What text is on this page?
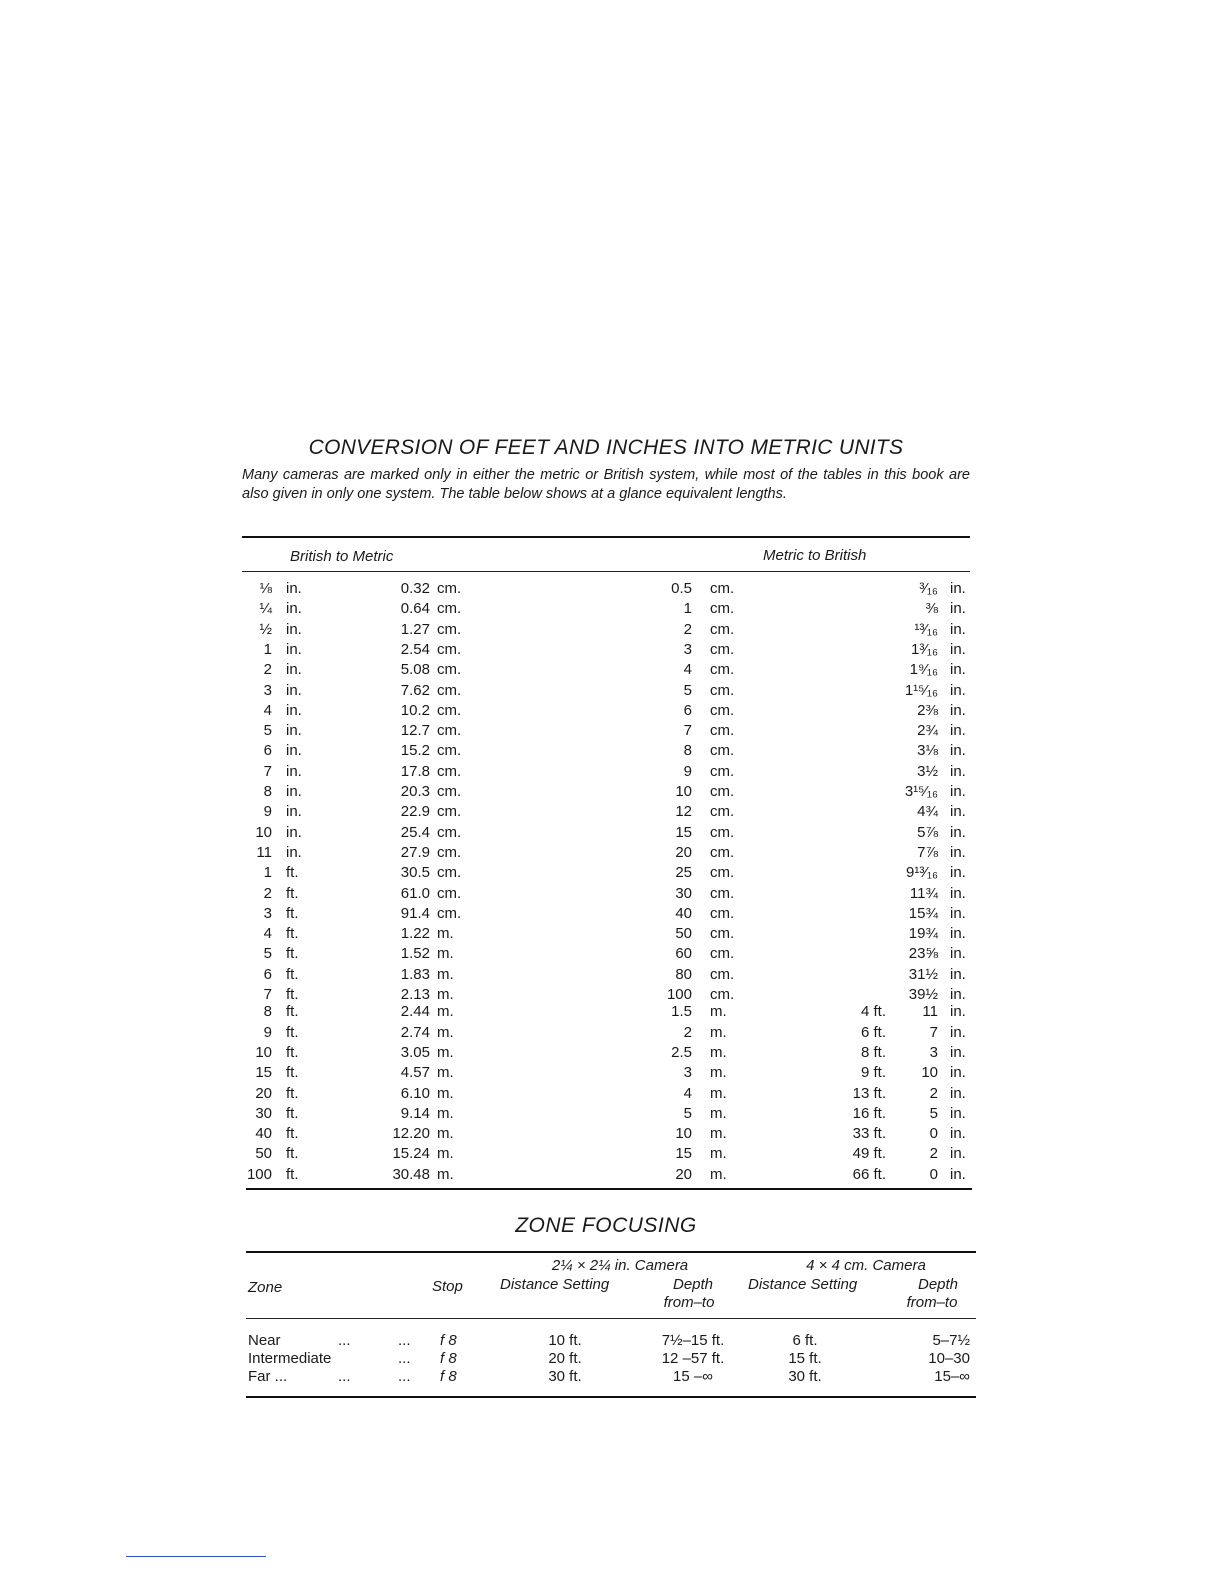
CONVERSION OF FEET AND INCHES INTO METRIC UNITS
Many cameras are marked only in either the metric or British system, while most of the tables in this book are also given in only one system. The table below shows at a glance equivalent lengths.
British to Metric	Metric to British
⅛ in.	0.32 cm.	0.5 cm.	³⁄₁₆ in.
¼ in.	0.64 cm.	1 cm.	⅜ in.
½ in.	1.27 cm.	2 cm.	¹³⁄₁₆ in.
1 in.	2.54 cm.	3 cm.	1³⁄₁₆ in.
2 in.	5.08 cm.	4 cm.	1⁹⁄₁₆ in.
3 in.	7.62 cm.	5 cm.	1¹⁵⁄₁₆ in.
4 in.	10.2 cm.	6 cm.	2⅜ in.
5 in.	12.7 cm.	7 cm.	2¾ in.
6 in.	15.2 cm.	8 cm.	3⅛ in.
7 in.	17.8 cm.	9 cm.	3½ in.
8 in.	20.3 cm.	10 cm.	3¹⁵⁄₁₆ in.
9 in.	22.9 cm.	12 cm.	4¾ in.
10 in.	25.4 cm.	15 cm.	5⅞ in.
11 in.	27.9 cm.	20 cm.	7⅞ in.
1 ft.	30.5 cm.	25 cm.	9¹³⁄₁₆ in.
2 ft.	61.0 cm.	30 cm.	11¾ in.
3 ft.	91.4 cm.	40 cm.	15¾ in.
4 ft.	1.22 m.	50 cm.	19¾ in.
5 ft.	1.52 m.	60 cm.	23⅝ in.
6 ft.	1.83 m.	80 cm.	31½ in.
7 ft.	2.13 m.	100 cm.	39½ in.
8 ft.	2.44 m.	1.5 m.	4 ft.	11 in.
9 ft.	2.74 m.	2 m.	6 ft.	7 in.
10 ft.	3.05 m.	2.5 m.	8 ft.	3 in.
15 ft.	4.57 m.	3 m.	9 ft.	10 in.
20 ft.	6.10 m.	4 m.	13 ft.	2 in.
30 ft.	9.14 m.	5 m.	16 ft.	5 in.
40 ft.	12.20 m.	10 m.	33 ft.	0 in.
50 ft.	15.24 m.	15 m.	49 ft.	2 in.
100 ft.	30.48 m.	20 m.	66 ft.	0 in.
ZONE FOCUSING
Zone	Stop
2¼ × 2¼ in. Camera	4 × 4 cm. Camera
Distance Setting	Depth
from–to
Distance Setting	Depth
from–to
Near	...	... f 8	10 ft.	7½–15 ft.	6 ft.	5–7½
Intermediate	... f 8	20 ft.	12 –57 ft.	15 ft.	10–30
Far ...	...	... f 8	30 ft.	15 –∞	30 ft.	15–∞
